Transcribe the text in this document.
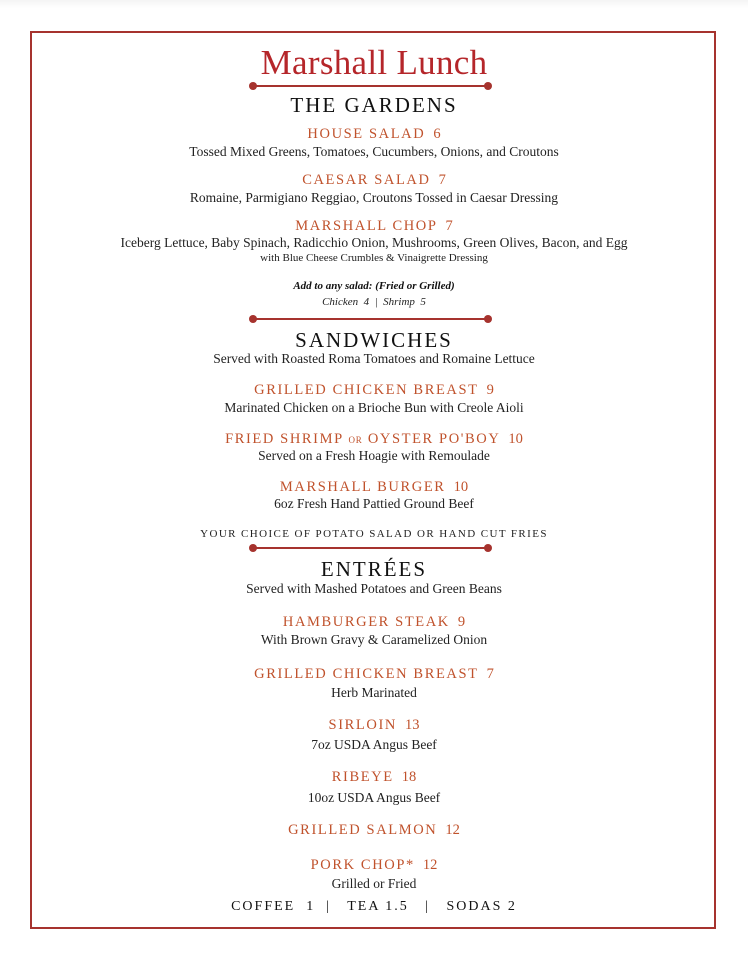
Marshall Lunch
THE GARDENS
HOUSE SALAD 6
Tossed Mixed Greens, Tomatoes, Cucumbers, Onions, and Croutons
CAESAR SALAD 7
Romaine, Parmigiano Reggiao, Croutons Tossed in Caesar Dressing
MARSHALL CHOP 7
Iceberg Lettuce, Baby Spinach, Radicchio Onion, Mushrooms, Green Olives, Bacon, and Egg
with Blue Cheese Crumbles & Vinaigrette Dressing
Add to any salad: (Fried or Grilled)
Chicken  4  |  Shrimp  5
SANDWICHES
Served with Roasted Roma Tomatoes and Romaine Lettuce
GRILLED CHICKEN BREAST 9
Marinated Chicken on a Brioche Bun with Creole Aioli
FRIED SHRIMP OR OYSTER PO'BOY 10
Served on a Fresh Hoagie with Remoulade
MARSHALL BURGER 10
6oz Fresh Hand Pattied Ground Beef
YOUR CHOICE OF POTATO SALAD OR HAND CUT FRIES
ENTRÉES
Served with Mashed Potatoes and Green Beans
HAMBURGER STEAK 9
With Brown Gravy & Caramelized Onion
GRILLED CHICKEN BREAST 7
Herb Marinated
SIRLOIN 13
7oz USDA Angus Beef
RIBEYE 18
10oz USDA Angus Beef
GRILLED SALMON 12
PORK CHOP* 12
Grilled or Fried
COFFEE  1  |   TEA 1.5   |   SODAS 2
